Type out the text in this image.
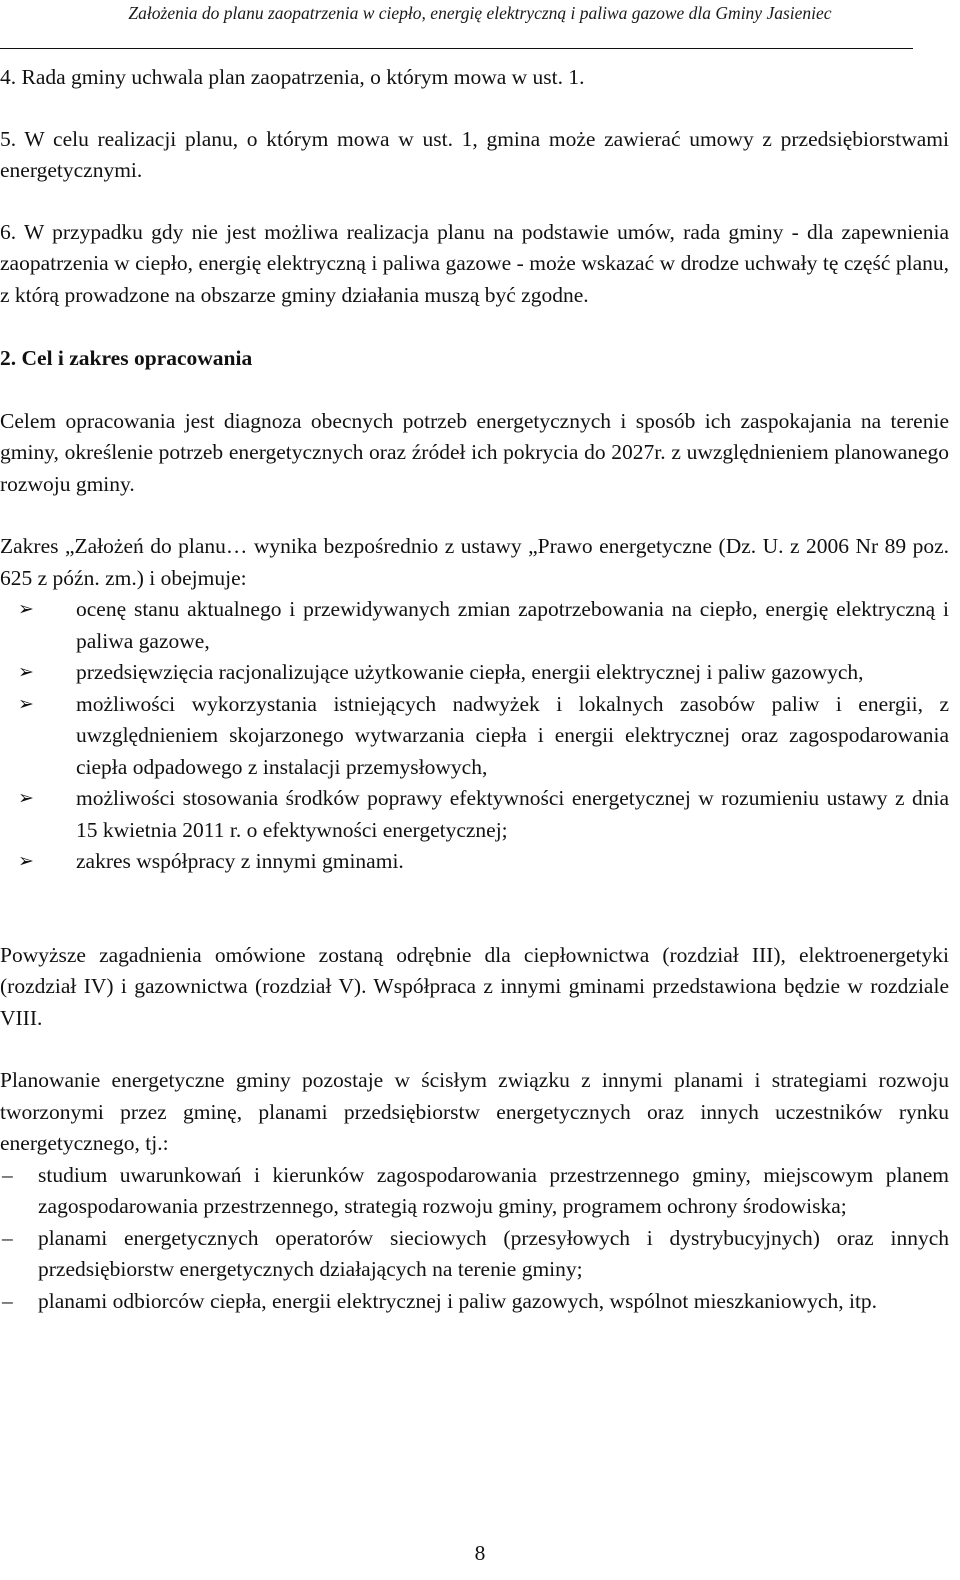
Założenia do planu zaopatrzenia w ciepło, energię elektryczną i paliwa gazowe dla Gminy Jasieniec

4. Rada gminy uchwala plan zaopatrzenia, o którym mowa w ust. 1.

5. W celu realizacji planu, o którym mowa w ust. 1, gmina może zawierać umowy z przedsiębiorstwami energetycznymi.

6. W przypadku gdy nie jest możliwa realizacja planu na podstawie umów, rada gminy - dla zapewnienia zaopatrzenia w ciepło, energię elektryczną i paliwa gazowe - może wskazać w drodze uchwały tę część planu, z którą prowadzone na obszarze gminy działania muszą być zgodne.

2. Cel i zakres opracowania

Celem opracowania jest diagnoza obecnych potrzeb energetycznych i sposób ich zaspokajania na terenie gminy, określenie potrzeb energetycznych oraz źródeł ich pokrycia do 2027r. z uwzględnieniem planowanego rozwoju gminy.

Zakres „Założeń do planu… wynika bezpośrednio z ustawy „Prawo energetyczne (Dz. U. z 2006 Nr 89 poz. 625 z późn. zm.) i obejmuje:

➢ ocenę stanu aktualnego i przewidywanych zmian zapotrzebowania na ciepło, energię elektryczną i paliwa gazowe,
➢ przedsięwzięcia racjonalizujące użytkowanie ciepła, energii elektrycznej i paliw gazowych,
➢ możliwości wykorzystania istniejących nadwyżek i lokalnych zasobów paliw i energii, z uwzględnieniem skojarzonego wytwarzania ciepła i energii elektrycznej oraz zagospodarowania ciepła odpadowego z instalacji przemysłowych,
➢ możliwości stosowania środków poprawy efektywności energetycznej w rozumieniu ustawy z dnia 15 kwietnia 2011 r. o efektywności energetycznej;
➢ zakres współpracy z innymi gminami.

Powyższe zagadnienia omówione zostaną odrębnie dla ciepłownictwa (rozdział III), elektroenergetyki (rozdział IV) i gazownictwa (rozdział V). Współpraca z innymi gminami przedstawiona będzie w rozdziale VIII.

Planowanie energetyczne gminy pozostaje w ścisłym związku z innymi planami i strategiami rozwoju tworzonymi przez gminę, planami przedsiębiorstw energetycznych oraz innych uczestników rynku energetycznego, tj.:

– studium uwarunkowań i kierunków zagospodarowania przestrzennego gminy, miejscowym planem zagospodarowania przestrzennego, strategią rozwoju gminy, programem ochrony środowiska;
– planami energetycznych operatorów sieciowych (przesyłowych i dystrybucyjnych) oraz innych przedsiębiorstw energetycznych działających na terenie gminy;
– planami odbiorców ciepła, energii elektrycznej i paliw gazowych, wspólnot mieszkaniowych, itp.
8
